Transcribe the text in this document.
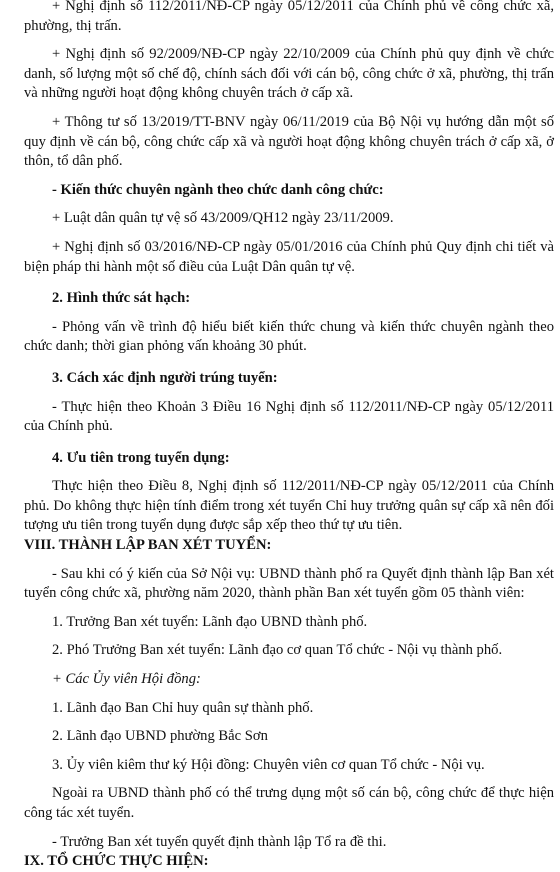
+ Nghị định số 112/2011/NĐ-CP ngày 05/12/2011 của Chính phủ về công chức xã, phường, thị trấn.

+ Nghị định số 92/2009/NĐ-CP ngày 22/10/2009 của Chính phủ quy định về chức danh, số lượng một số chế độ, chính sách đối với cán bộ, công chức ở xã, phường, thị trấn và những người hoạt động không chuyên trách ở cấp xã.

+ Thông tư số 13/2019/TT-BNV ngày 06/11/2019 của Bộ Nội vụ hướng dẫn một số quy định về cán bộ, công chức cấp xã và người hoạt động không chuyên trách ở cấp xã, ở thôn, tổ dân phố.

- Kiến thức chuyên ngành theo chức danh công chức:

+ Luật dân quân tự vệ số 43/2009/QH12 ngày 23/11/2009.

+ Nghị định số 03/2016/NĐ-CP ngày 05/01/2016 của Chính phủ Quy định chi tiết và biện pháp thi hành một số điều của Luật Dân quân tự vệ.

2. Hình thức sát hạch:

- Phỏng vấn về trình độ hiểu biết kiến thức chung và kiến thức chuyên ngành theo chức danh; thời gian phỏng vấn khoảng 30 phút.

3. Cách xác định người trúng tuyển:

- Thực hiện theo Khoản 3 Điều 16 Nghị định số 112/2011/NĐ-CP ngày 05/12/2011 của Chính phủ.

4. Ưu tiên trong tuyển dụng:

Thực hiện theo Điều 8, Nghị định số 112/2011/NĐ-CP ngày 05/12/2011 của Chính phủ. Do không thực hiện tính điểm trong xét tuyển Chỉ huy trưởng quân sự cấp xã nên đối tượng ưu tiên trong tuyển dụng được sắp xếp theo thứ tự ưu tiên.

VIII. THÀNH LẬP BAN XÉT TUYỂN:

- Sau khi có ý kiến của Sở Nội vụ: UBND thành phố ra Quyết định thành lập Ban xét tuyển công chức xã, phường năm 2020, thành phần Ban xét tuyển gồm 05 thành viên:

1. Trưởng Ban xét tuyển: Lãnh đạo UBND thành phố.

2. Phó Trưởng Ban xét tuyển: Lãnh đạo cơ quan Tổ chức - Nội vụ thành phố.

+ Các Ủy viên Hội đồng:

1. Lãnh đạo Ban Chỉ huy quân sự thành phố.

2. Lãnh đạo UBND phường Bắc Sơn

3. Ủy viên kiêm thư ký Hội đồng: Chuyên viên cơ quan Tổ chức - Nội vụ.

Ngoài ra UBND thành phố có thể trưng dụng một số cán bộ, công chức để thực hiện công tác xét tuyển.

- Trưởng Ban xét tuyển quyết định thành lập Tổ ra đề thi.

IX. TỔ CHỨC THỰC HIỆN:
